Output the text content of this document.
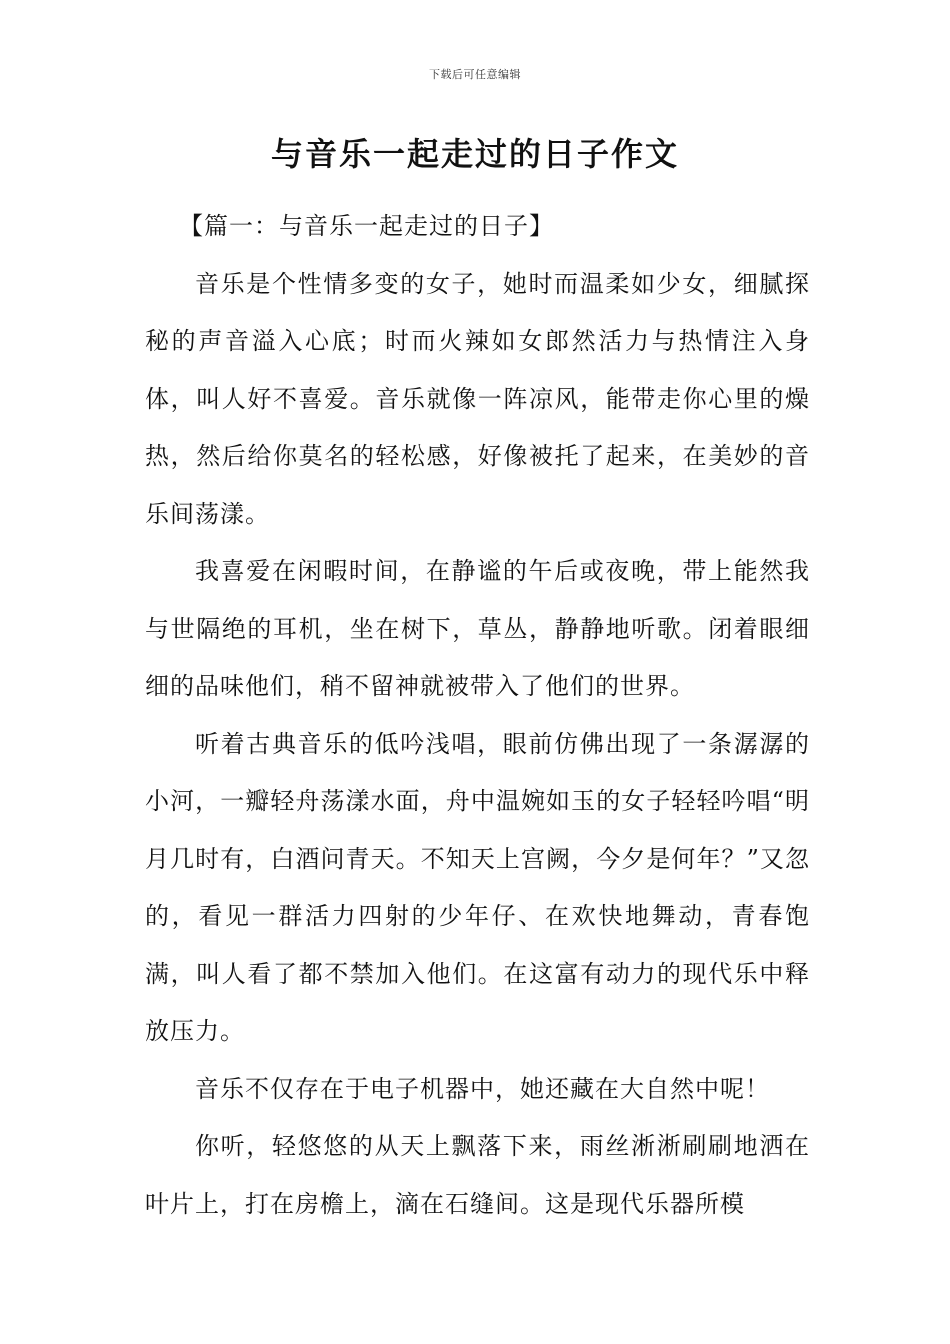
下载后可任意编辑
与音乐一起走过的日子作文

【篇一：与音乐一起走过的日子】

音乐是个性情多变的女子，她时而温柔如少女，细腻探秘的声音溢入心底；时而火辣如女郎然活力与热情注入身体，叫人好不喜爱。音乐就像一阵凉风，能带走你心里的燥热，然后给你莫名的轻松感，好像被托了起来，在美妙的音乐间荡漾。

我喜爱在闲暇时间，在静谧的午后或夜晚，带上能然我与世隔绝的耳机，坐在树下，草丛，静静地听歌。闭着眼细细的品味他们，稍不留神就被带入了他们的世界。

听着古典音乐的低吟浅唱，眼前仿佛出现了一条潺潺的小河，一瓣轻舟荡漾水面，舟中温婉如玉的女子轻轻吟唱“明月几时有，白酒问青天。不知天上宫阙，今夕是何年？”又忽的，看见一群活力四射的少年仔、在欢快地舞动，青春饱满，叫人看了都不禁加入他们。在这富有动力的现代乐中释放压力。

音乐不仅存在于电子机器中，她还藏在大自然中呢！

你听，轻悠悠的从天上飘落下来，雨丝淅淅刷刷地洒在叶片上，打在房檐上，滴在石缝间。这是现代乐器所模
